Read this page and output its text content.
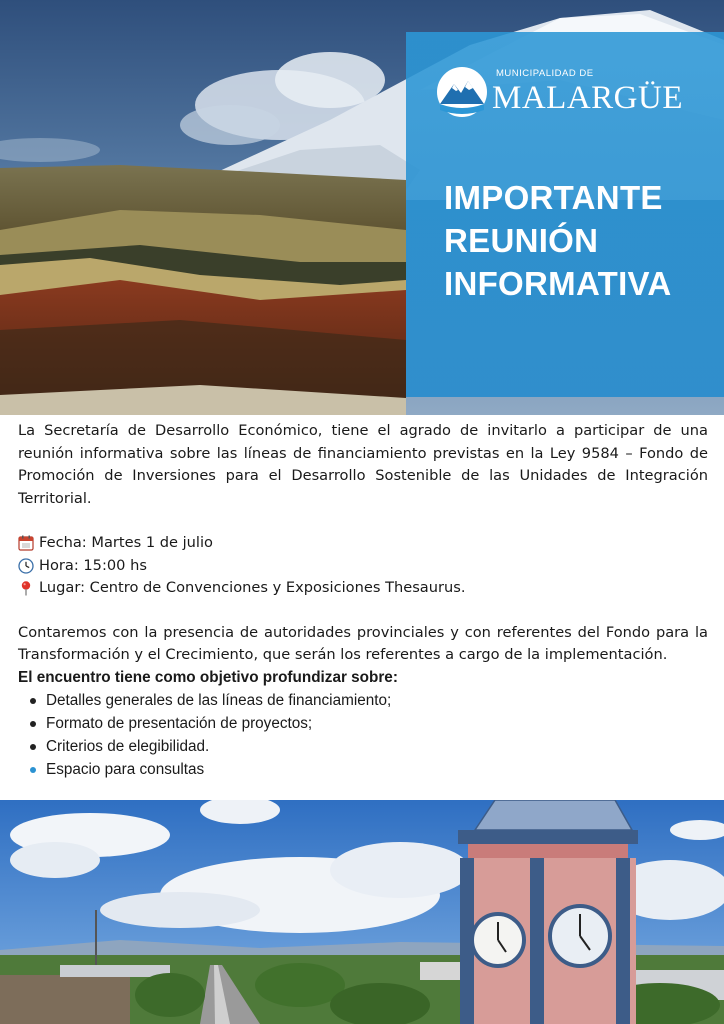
MUNICIPALIDAD DE
MALARGÜE
IMPORTANTE
REUNIÓN
INFORMATIVA

La Secretaría de Desarrollo Económico, tiene el agrado de invitarlo a participar de una reunión informativa sobre las líneas de financiamiento previstas en la Ley 9584 – Fondo de Promoción de Inversiones para el Desarrollo Sostenible de las Unidades de Integración Territorial.

Fecha: Martes 1 de julio
Hora: 15:00 hs
Lugar: Centro de Convenciones y Exposiciones Thesaurus.

Contaremos con la presencia de autoridades provinciales y con referentes del Fondo para la Transformación y el Crecimiento, que serán los referentes a cargo de la implementación.

El encuentro tiene como objetivo profundizar sobre:

Detalles generales de las líneas de financiamiento;
Formato de presentación de proyectos;
Criterios de elegibilidad.
Espacio para consultas
